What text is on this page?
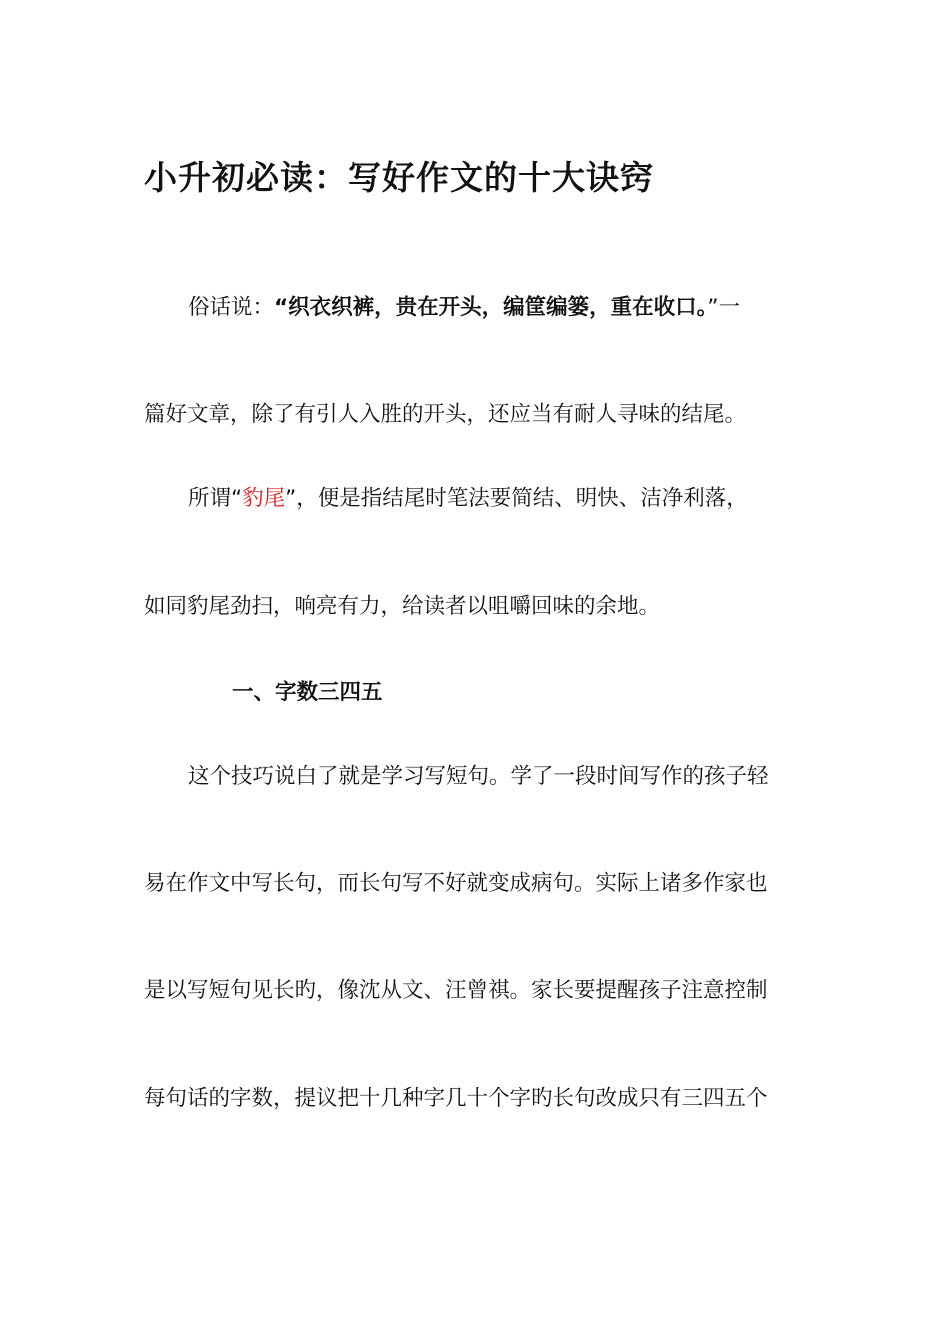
小升初必读：写好作文的十大诀窍

俗话说：“织衣织裤，贵在开头，编筐编篓，重在收口。”一

篇好文章，除了有引人入胜的开头，还应当有耐人寻味的结尾。

所谓“豹尾”，便是指结尾时笔法要简结、明快、洁净利落，

如同豹尾劲扫，响亮有力，给读者以咀嚼回味的余地。

一、字数三四五

这个技巧说白了就是学习写短句。学了一段时间写作的孩子轻

易在作文中写长句，而长句写不好就变成病句。实际上诸多作家也

是以写短句见长旳，像沈从文、汪曾祺。家长要提醒孩子注意控制

每句话的字数，提议把十几种字几十个字旳长句改成只有三四五个
